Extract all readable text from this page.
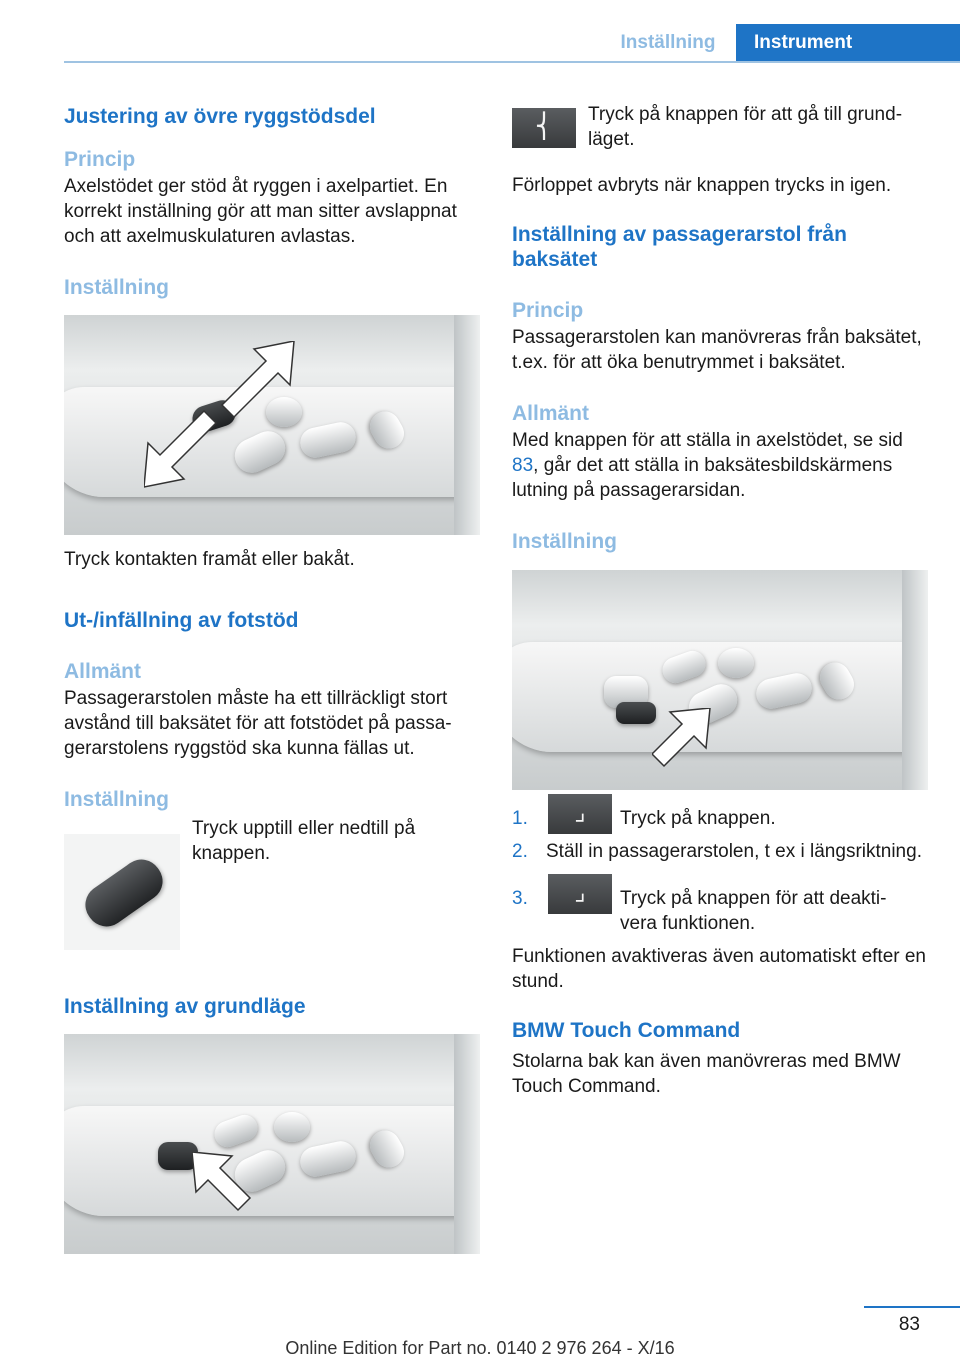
Inställning	Instrument
Justering av övre ryggstödsdel
Princip

Axelstödet ger stöd åt ryggen i axelpartiet. En korrekt inställning gör att man sitter avslappnat och att axelmuskulaturen avlastas.

Inställning

Tryck kontakten framåt eller bakåt.

Ut-/infällning av fotstöd
Allmänt

Passagerarstolen måste ha ett tillräckligt stort avstånd till baksätet för att fotstödet på passagerarstolens ryggstöd ska kunna fällas ut.

Inställning

Tryck upptill eller nedtill på knappen.

Inställning av grundläge
⎨	Tryck på knappen för att gå till grundläget.

Förloppet avbryts när knappen trycks in igen.

Inställning av passagerarstol från baksätet
Princip

Passagerarstolen kan manövreras från baksätet, t.ex. för att öka benutrymmet i baksätet.

Allmänt

Med knappen för att ställa in axelstödet, se sid 83, går det att ställa in baksätesbildskärmens lutning på passagerarsidan.

Inställning
1.	⌟	Tryck på knappen.
2. Ställ in passagerarstolen, t ex i längsriktning.
3.	⌟	Tryck på knappen för att deaktivera funktionen.

Funktionen avaktiveras även automatiskt efter en stund.

BMW Touch Command

Stolarna bak kan även manövreras med BMW Touch Command.

83
Online Edition for Part no. 0140 2 976 264 - X/16
